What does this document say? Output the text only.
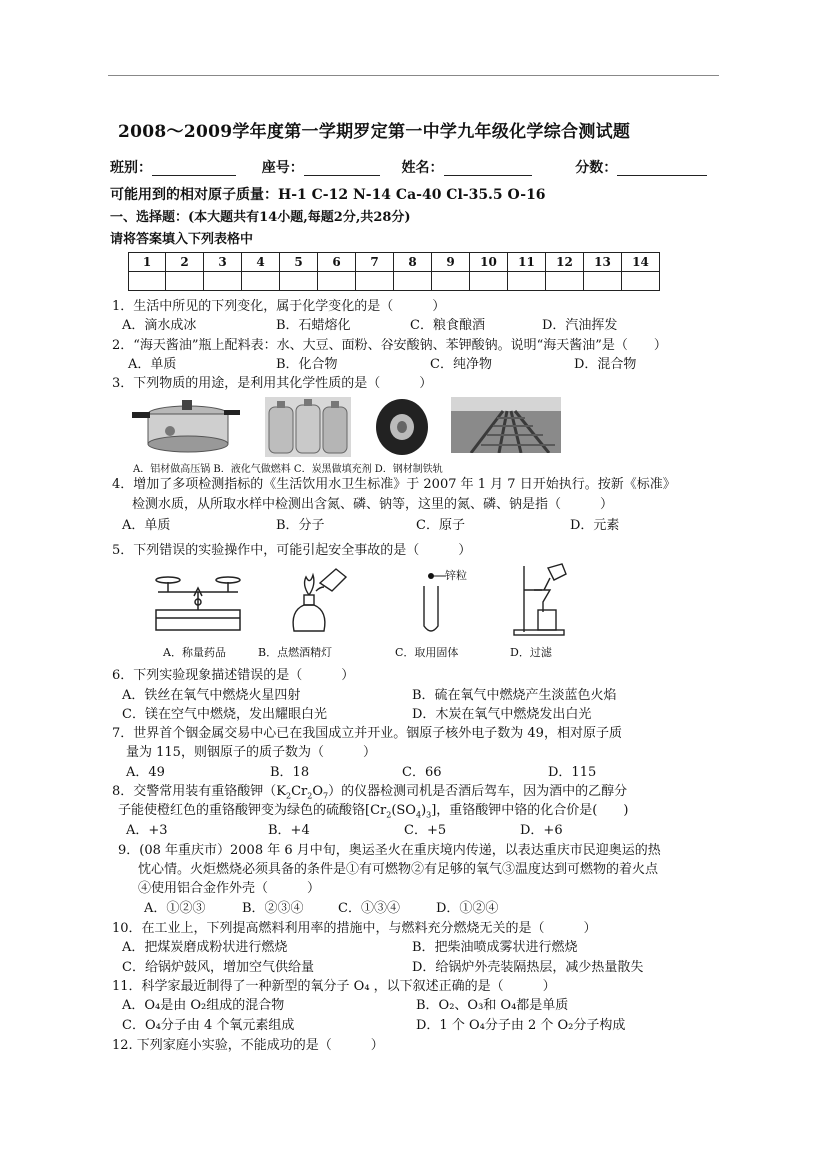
2008～2009学年度第一学期罗定第一中学九年级化学综合测试题
班别：	座号：	姓名：	分数：
可能用到的相对原子质量：H-1 C-12 N-14 Ca-40 Cl-35.5 O-16
一、选择题：(本大题共有14小题,每题2分,共28分)
请将答案填入下列表格中
1	2	3	4	5	6	7	8	9	10	11	12	13	14

1．生活中所见的下列变化，属于化学变化的是（　　　）
A．滴水成冰	B．石蜡熔化	C．粮食酿酒	D．汽油挥发
2．“海天酱油”瓶上配料表：水、大豆、面粉、谷安酸钠、苯钾酸钠。说明“海天酱油”是（　　）
A．单质	B．化合物	C．纯净物	D．混合物
3．下列物质的用途，是利用其化学性质的是（　　　）
A．铝材做高压锅 B．液化气做燃料 C．炭黑做填充剂 D．钢材制铁轨
4．增加了多项检测指标的《生活饮用水卫生标准》于 2007 年 1 月 7 日开始执行。按新《标准》
检测水质，从所取水样中检测出含氮、磷、钠等，这里的氮、磷、钠是指（　　　）
A．单质	B．分子	C．原子	D．元素
5．下列错误的实验操作中，可能引起安全事故的是（　　　）
锌粒
A．称量药品	B．点燃酒精灯	C．取用固体	D．过滤
6．下列实验现象描述错误的是（　　　）
A．铁丝在氧气中燃烧火星四射	B．硫在氧气中燃烧产生淡蓝色火焰
C．镁在空气中燃烧，发出耀眼白光	D．木炭在氧气中燃烧发出白光
7．世界首个铟金属交易中心已在我国成立并开业。铟原子核外电子数为 49，相对原子质
量为 115，则铟原子的质子数为（　　　）
A．49	B．18	C．66	D．115
8．交警常用装有重铬酸钾$(K_2Cr_2O_7)$的仪器检测司机是否酒后驾车，因为酒中的乙醇分
子能使橙红色的重铬酸钾变为绿色的硫酸铬$[Cr_2(SO_4)_3]$，重铬酸钾中铬的化合价是(　　)
A．+3	B．+4	C．+5	D．+6
9．(08 年重庆市）2008 年 6 月中旬，奥运圣火在重庆境内传递，以表达重庆市民迎奥运的热
忱心情。火炬燃烧必须具备的条件是①有可燃物②有足够的氧气③温度达到可燃物的着火点
④使用铝合金作外壳（　　　）
A．①②③	B．②③④	C．①③④	D．①②④
10．在工业上，下列提高燃料利用率的措施中，与燃料充分燃烧无关的是（　　　）
A．把煤炭磨成粉状进行燃烧	B．把柴油喷成雾状进行燃烧
C．给锅炉鼓风，增加空气供给量	D．给锅炉外壳装隔热层，减少热量散失
11．科学家最近制得了一种新型的氧分子 O₄ ，以下叙述正确的是（　　　）
A．O₄是由 O₂组成的混合物	B．O₂、O₃和 O₄都是单质
C．O₄分子由 4 个氧元素组成	D．1 个 O₄分子由 2 个 O₂分子构成
12. 下列家庭小实验，不能成功的是（　　　）
